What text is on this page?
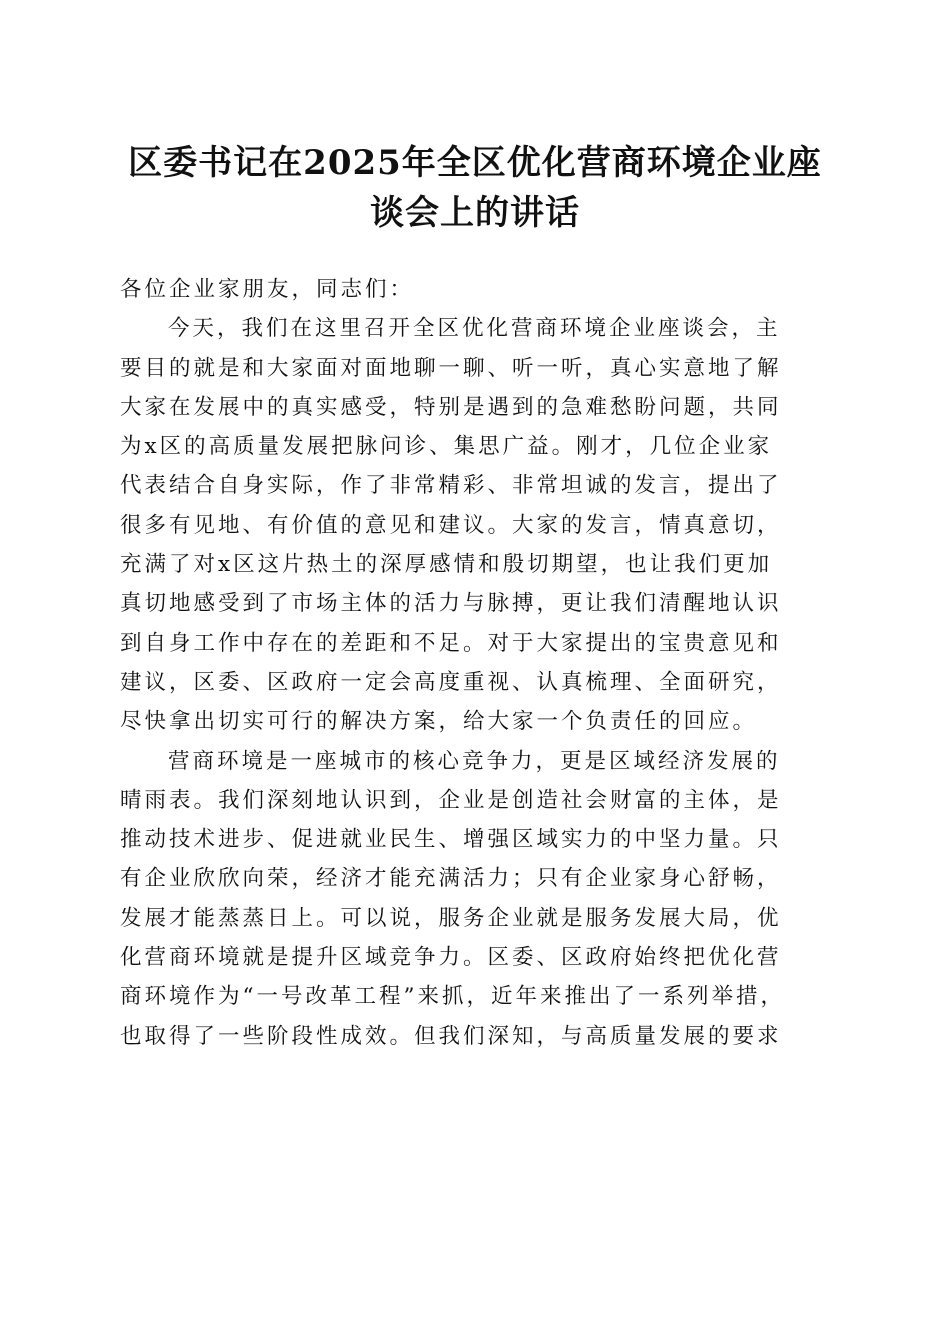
区委书记在2025年全区优化营商环境企业座
谈会上的讲话
各位企业家朋友，同志们：
今天，我们在这里召开全区优化营商环境企业座谈会，主
要目的就是和大家面对面地聊一聊、听一听，真心实意地了解
大家在发展中的真实感受，特别是遇到的急难愁盼问题，共同
为x区的高质量发展把脉问诊、集思广益。刚才，几位企业家
代表结合自身实际，作了非常精彩、非常坦诚的发言，提出了
很多有见地、有价值的意见和建议。大家的发言，情真意切，
充满了对x区这片热土的深厚感情和殷切期望，也让我们更加
真切地感受到了市场主体的活力与脉搏，更让我们清醒地认识
到自身工作中存在的差距和不足。对于大家提出的宝贵意见和
建议，区委、区政府一定会高度重视、认真梳理、全面研究，
尽快拿出切实可行的解决方案，给大家一个负责任的回应。
营商环境是一座城市的核心竞争力，更是区域经济发展的
晴雨表。我们深刻地认识到，企业是创造社会财富的主体，是
推动技术进步、促进就业民生、增强区域实力的中坚力量。只
有企业欣欣向荣，经济才能充满活力；只有企业家身心舒畅，
发展才能蒸蒸日上。可以说，服务企业就是服务发展大局，优
化营商环境就是提升区域竞争力。区委、区政府始终把优化营
商环境作为“一号改革工程”来抓，近年来推出了一系列举措，
也取得了一些阶段性成效。但我们深知，与高质量发展的要求
